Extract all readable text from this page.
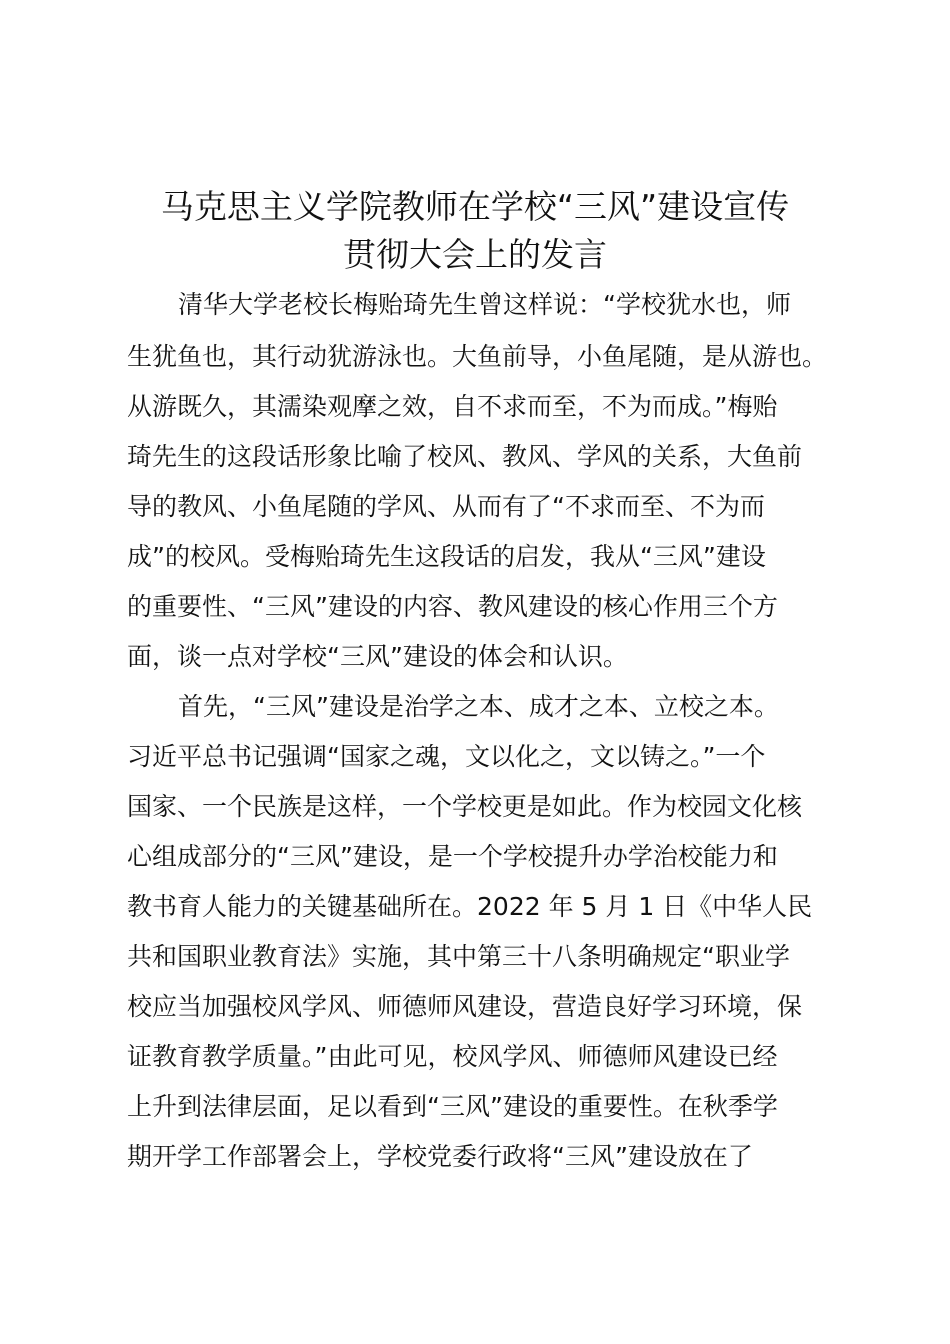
马克思主义学院教师在学校“三风”建设宣传
贯彻大会上的发言

清华大学老校长梅贻琦先生曾这样说：“学校犹水也，师

生犹鱼也，其行动犹游泳也。大鱼前导，小鱼尾随，是从游也。

从游既久，其濡染观摩之效，自不求而至，不为而成。”梅贻

琦先生的这段话形象比喻了校风、教风、学风的关系，大鱼前

导的教风、小鱼尾随的学风、从而有了“不求而至、不为而

成”的校风。受梅贻琦先生这段话的启发，我从“三风”建设

的重要性、“三风”建设的内容、教风建设的核心作用三个方

面，谈一点对学校“三风”建设的体会和认识。

首先，“三风”建设是治学之本、成才之本、立校之本。

习近平总书记强调“国家之魂，文以化之，文以铸之。”一个

国家、一个民族是这样，一个学校更是如此。作为校园文化核

心组成部分的“三风”建设，是一个学校提升办学治校能力和

教书育人能力的关键基础所在。2022 年 5 月 1 日《中华人民

共和国职业教育法》实施，其中第三十八条明确规定“职业学

校应当加强校风学风、师德师风建设，营造良好学习环境，保

证教育教学质量。”由此可见，校风学风、师德师风建设已经

上升到法律层面，足以看到“三风”建设的重要性。在秋季学

期开学工作部署会上，学校党委行政将“三风”建设放在了
